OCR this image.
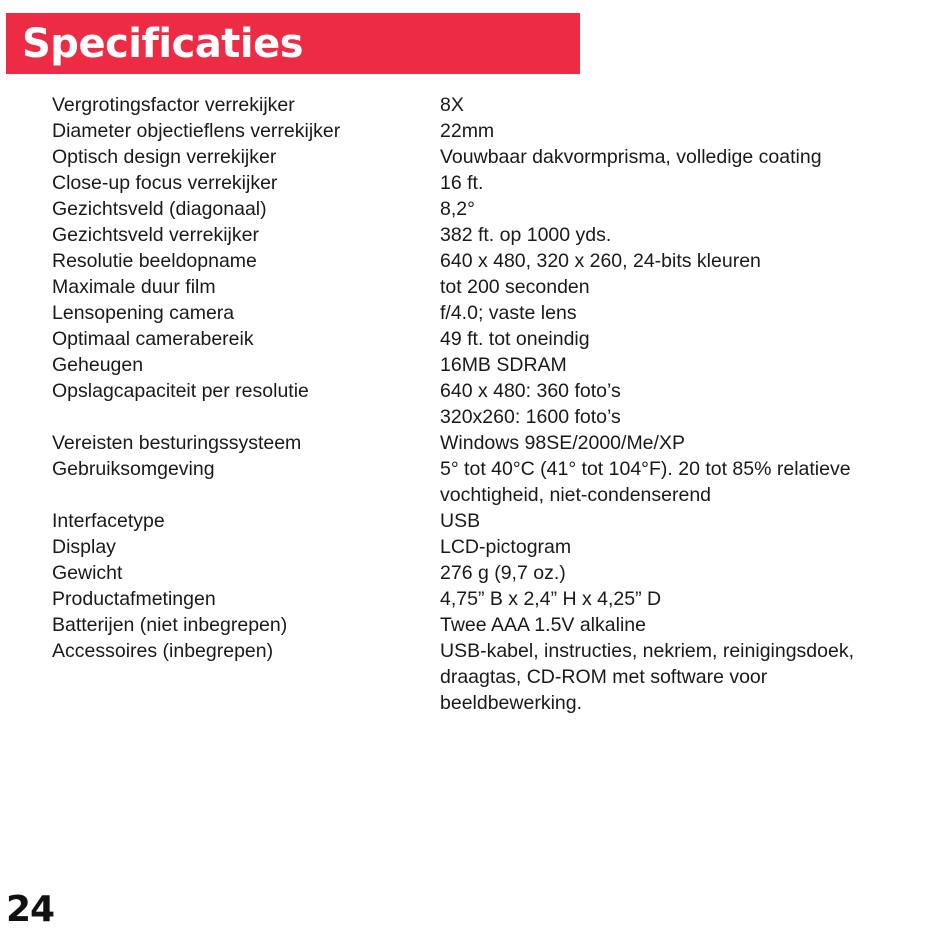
Specificaties
Vergrotingsfactor verrekijker	8X
Diameter objectieflens verrekijker	22mm
Optisch design verrekijker	Vouwbaar dakvormprisma, volledige coating
Close-up focus verrekijker	16 ft.
Gezichtsveld (diagonaal)	8,2°
Gezichtsveld verrekijker	382 ft. op 1000 yds.
Resolutie beeldopname	640 x 480, 320 x 260, 24-bits kleuren
Maximale duur film	tot 200 seconden
Lensopening camera	f/4.0; vaste lens
Optimaal camerabereik	49 ft. tot oneindig
Geheugen	16MB SDRAM
Opslagcapaciteit per resolutie	640 x 480: 360 foto’s
320x260: 1600 foto’s
Vereisten besturingssysteem	Windows 98SE/2000/Me/XP
Gebruiksomgeving	5° tot 40°C (41° tot 104°F). 20 tot 85% relatieve
vochtigheid, niet-condenserend
Interfacetype	USB
Display	LCD-pictogram
Gewicht	276 g (9,7 oz.)
Productafmetingen	4,75” B x 2,4” H x 4,25” D
Batterijen (niet inbegrepen)	Twee AAA 1.5V alkaline
Accessoires (inbegrepen)	USB-kabel, instructies, nekriem, reinigingsdoek,
draagtas, CD-ROM met software voor
beeldbewerking.
24
